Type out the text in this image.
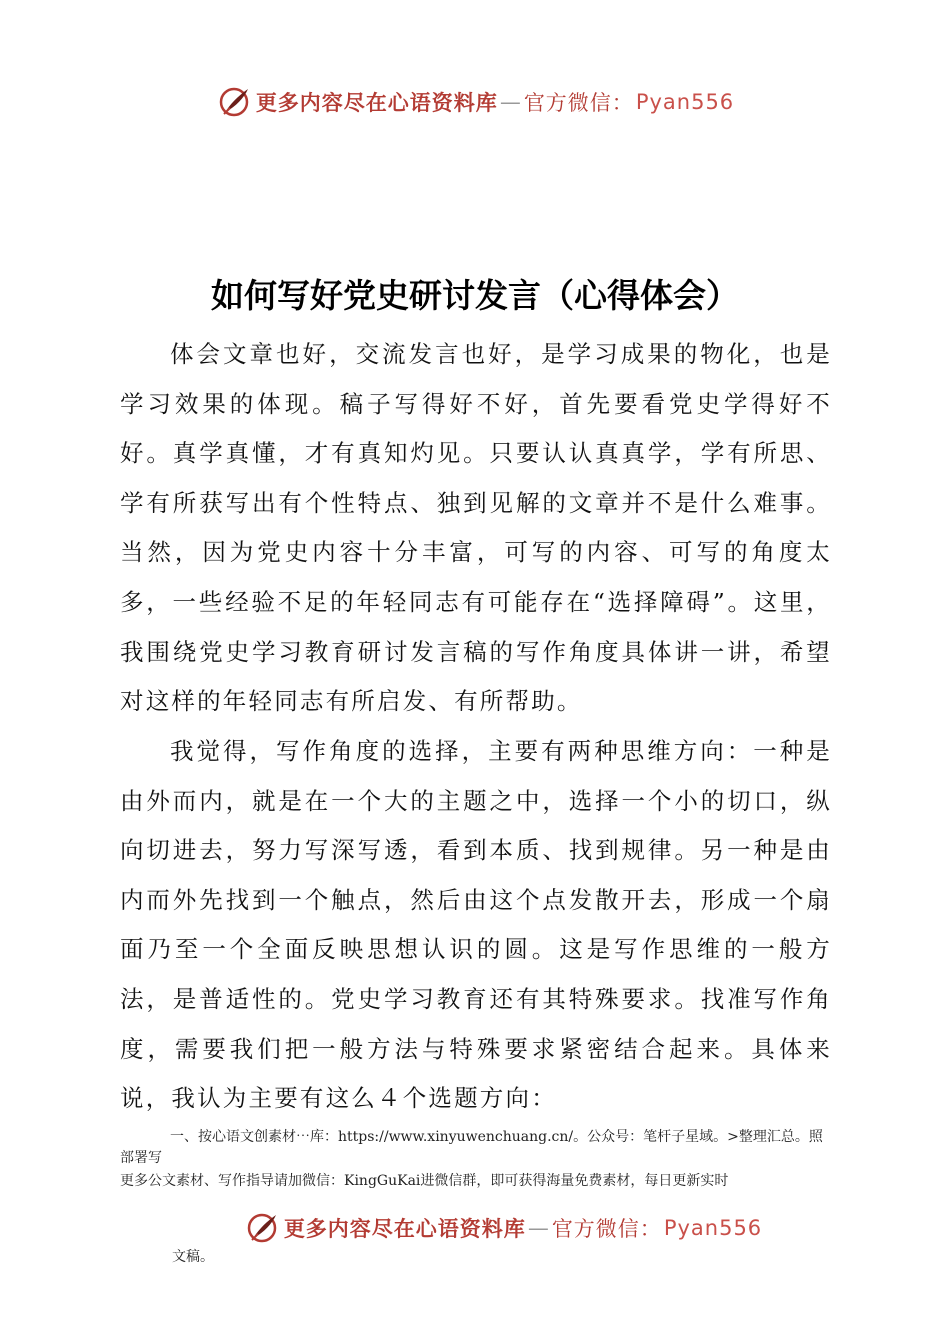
更多内容尽在心语资料库 — 官方微信： Pyan556
如何写好党史研讨发言（心得体会）

体会文章也好，交流发言也好，是学习成果的物化，也是学习效果的体现。稿子写得好不好，首先要看党史学得好不好。真学真懂，才有真知灼见。只要认认真真学，学有所思、学有所获写出有个性特点、独到见解的文章并不是什么难事。当然，因为党史内容十分丰富，可写的内容、可写的角度太多，一些经验不足的年轻同志有可能存在“选择障碍”。这里，我围绕党史学习教育研讨发言稿的写作角度具体讲一讲，希望对这样的年轻同志有所启发、有所帮助。

我觉得，写作角度的选择，主要有两种思维方向：一种是由外而内，就是在一个大的主题之中，选择一个小的切口，纵向切进去，努力写深写透，看到本质、找到规律。另一种是由内而外先找到一个触点，然后由这个点发散开去，形成一个扇面乃至一个全面反映思想认识的圆。这是写作思维的一般方法，是普适性的。党史学习教育还有其特殊要求。找准写作角度，需要我们把一般方法与特殊要求紧密结合起来。具体来说，我认为主要有这么４个选题方向：

一、按心语文创素材⋯库：https://www.xinyuwenchuang.cn/。公众号：笔杆子星域。>整理汇总。照部署写

更多公文素材、写作指导请加微信：KingGuKai进微信群，即可获得海量免费素材，每日更新实时

更多内容尽在心语资料库 — 官方微信： Pyan556

文稿。
